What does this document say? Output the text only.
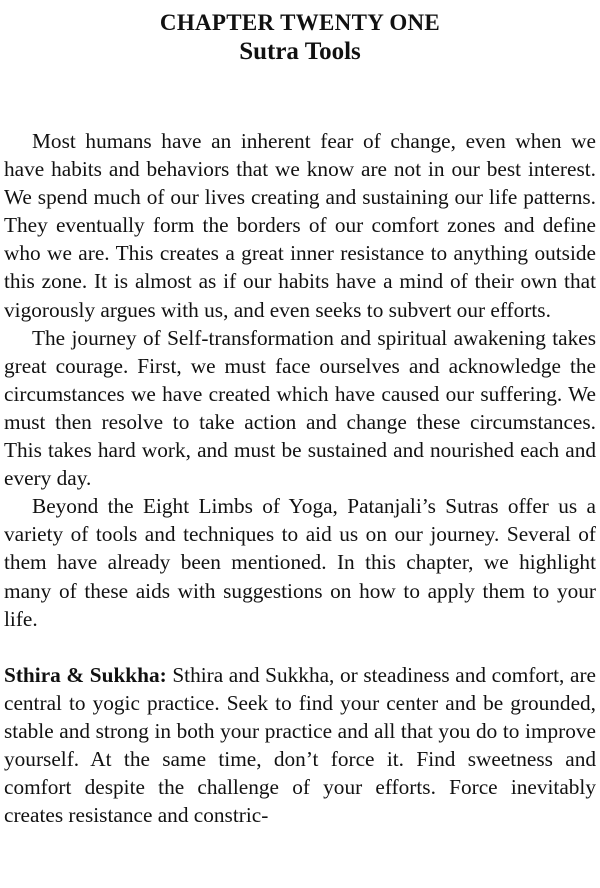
CHAPTER TWENTY ONE
Sutra Tools

Most humans have an inherent fear of change, even when we have habits and behaviors that we know are not in our best interest. We spend much of our lives creating and sustaining our life patterns. They eventually form the borders of our comfort zones and define who we are. This creates a great inner resistance to anything outside this zone. It is almost as if our habits have a mind of their own that vigorously argues with us, and even seeks to subvert our efforts.

The journey of Self-transformation and spiritual awakening takes great courage. First, we must face ourselves and acknowledge the circumstances we have created which have caused our suffering. We must then resolve to take action and change these circumstances. This takes hard work, and must be sustained and nourished each and every day.

Beyond the Eight Limbs of Yoga, Patanjali’s Sutras offer us a variety of tools and techniques to aid us on our journey. Several of them have already been mentioned. In this chapter, we highlight many of these aids with suggestions on how to apply them to your life.

Sthira & Sukkha: Sthira and Sukkha, or steadiness and comfort, are central to yogic practice. Seek to find your center and be grounded, stable and strong in both your practice and all that you do to improve yourself. At the same time, don’t force it. Find sweetness and comfort despite the challenge of your efforts. Force inevitably creates resistance and constric-
